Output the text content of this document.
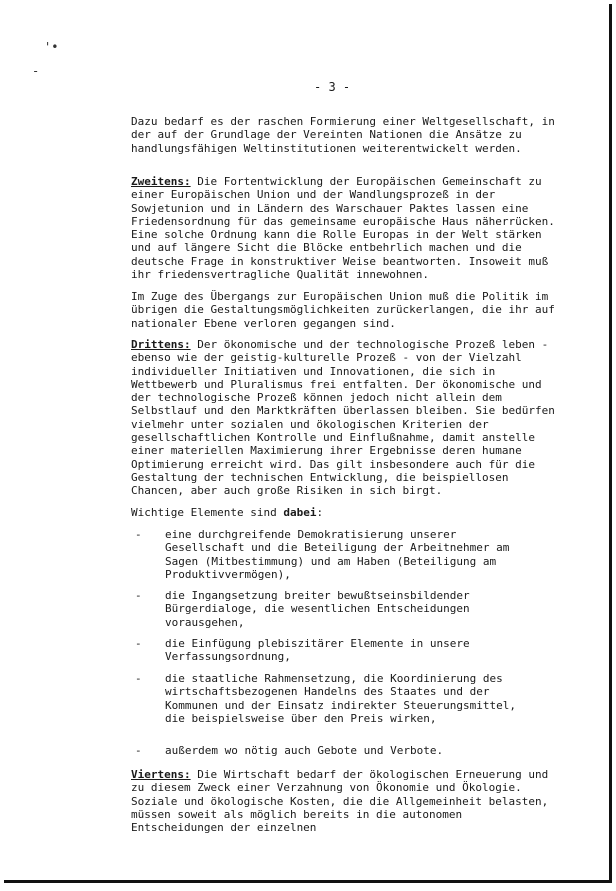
'•
-
- 3 -

Dazu bedarf es der raschen Formierung einer Weltgesellschaft, in der auf der Grundlage der Vereinten Nationen die Ansätze zu handlungsfähigen Weltinstitutionen weiterentwickelt werden.

Zweitens: Die Fortentwicklung der Europäischen Gemeinschaft zu einer Europäischen Union und der Wandlungsprozeß in der Sowjetunion und in Ländern des Warschauer Paktes lassen eine Friedensordnung für das gemeinsame europäische Haus näherrücken. Eine solche Ordnung kann die Rolle Europas in der Welt stärken und auf längere Sicht die Blöcke entbehrlich machen und die deutsche Frage in konstruktiver Weise beantworten. Insoweit muß ihr friedensvertragliche Qualität innewohnen.

Im Zuge des Übergangs zur Europäischen Union muß die Politik im übrigen die Gestaltungsmöglichkeiten zurückerlangen, die ihr auf nationaler Ebene verloren gegangen sind.

Drittens: Der ökonomische und der technologische Prozeß leben - ebenso wie der geistig-kulturelle Prozeß - von der Vielzahl individueller Initiativen und Innovationen, die sich in Wettbewerb und Pluralismus frei entfalten. Der ökonomische und der technologische Prozeß können jedoch nicht allein dem Selbstlauf und den Marktkräften überlassen bleiben. Sie bedürfen vielmehr unter sozialen und ökologischen Kriterien der gesellschaftlichen Kontrolle und Einflußnahme, damit anstelle einer materiellen Maximierung ihrer Ergebnisse deren humane Optimierung erreicht wird. Das gilt insbesondere auch für die Gestaltung der technischen Entwicklung, die beispiellosen Chancen, aber auch große Risiken in sich birgt.

Wichtige Elemente sind dabei:

- eine durchgreifende Demokratisierung unserer Gesellschaft und die Beteiligung der Arbeitnehmer am Sagen (Mitbestimmung) und am Haben (Beteiligung am Produktivvermögen),
- die Ingangsetzung breiter bewußtseinsbildender Bürgerdialoge, die wesentlichen Entscheidungen vorausgehen,
- die Einfügung plebiszitärer Elemente in unsere Verfassungsordnung,
- die staatliche Rahmensetzung, die Koordinierung des wirtschaftsbezogenen Handelns des Staates und der Kommunen und der Einsatz indirekter Steuerungsmittel, die beispielsweise über den Preis wirken,
- außerdem wo nötig auch Gebote und Verbote.

Viertens: Die Wirtschaft bedarf der ökologischen Erneuerung und zu diesem Zweck einer Verzahnung von Ökonomie und Ökologie. Soziale und ökologische Kosten, die die Allgemeinheit belasten, müssen soweit als möglich bereits in die autonomen Entscheidungen der einzelnen
